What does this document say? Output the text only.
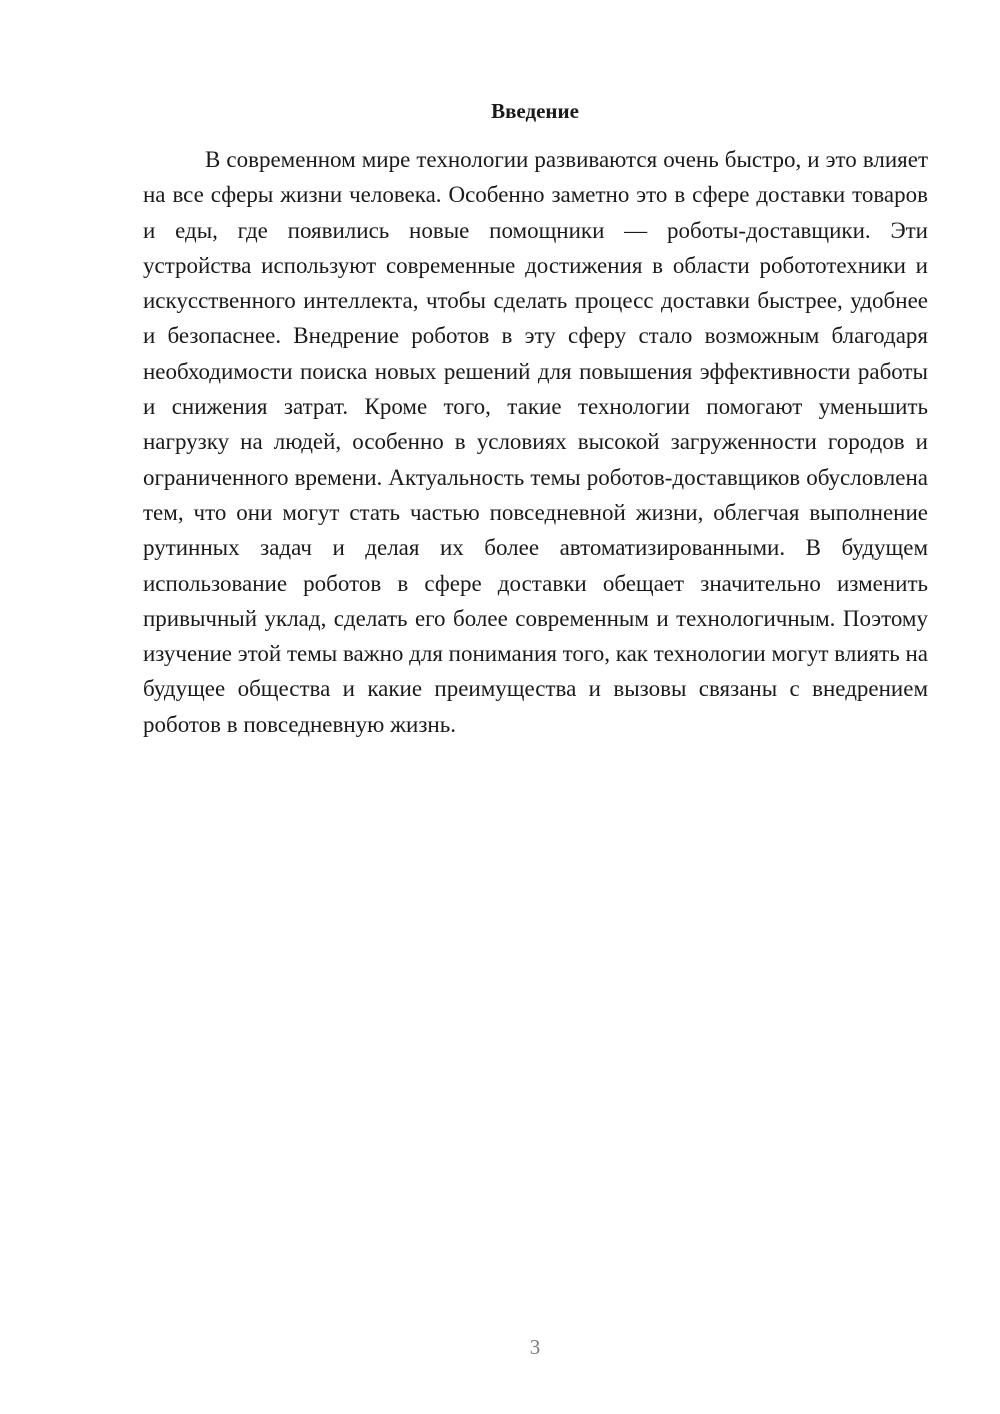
Введение

В современном мире технологии развиваются очень быстро, и это влияет на все сферы жизни человека. Особенно заметно это в сфере доставки товаров и еды, где появились новые помощники — роботы-доставщики. Эти устройства используют современные достижения в области робототехники и искусственного интеллекта, чтобы сделать процесс доставки быстрее, удобнее и безопаснее. Внедрение роботов в эту сферу стало возможным благодаря необходимости поиска новых решений для повышения эффективности работы и снижения затрат. Кроме того, такие технологии помогают уменьшить нагрузку на людей, особенно в условиях высокой загруженности городов и ограниченного времени. Актуальность темы роботов-доставщиков обусловлена тем, что они могут стать частью повседневной жизни, облегчая выполнение рутинных задач и делая их более автоматизированными. В будущем использование роботов в сфере доставки обещает значительно изменить привычный уклад, сделать его более современным и технологичным. Поэтому изучение этой темы важно для понимания того, как технологии могут влиять на будущее общества и какие преимущества и вызовы связаны с внедрением роботов в повседневную жизнь.

3
